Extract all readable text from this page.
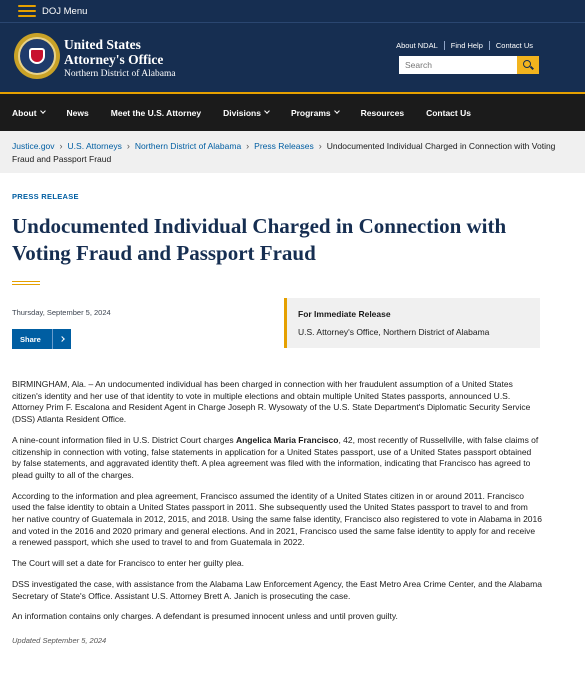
DOJ Menu
United States
Attorney's Office
Northern District of Alabama
About NDAL	Find Help	Contact Us
Search
About	News	Meet the U.S. Attorney	Divisions	Programs	Resources	Contact Us
Justice.gov › U.S. Attorneys › Northern District of Alabama › Press Releases › Undocumented Individual Charged in Connection with Voting Fraud and Passport Fraud
PRESS RELEASE
Undocumented Individual Charged in Connection with Voting Fraud and Passport Fraud
Thursday, September 5, 2024
Share
For Immediate Release
U.S. Attorney's Office, Northern District of Alabama

BIRMINGHAM, Ala. – An undocumented individual has been charged in connection with her fraudulent assumption of a United States citizen's identity and her use of that identity to vote in multiple elections and obtain multiple United States passports, announced U.S. Attorney Prim F. Escalona and Resident Agent in Charge Joseph R. Wysowaty of the U.S. State Department's Diplomatic Security Service (DSS) Atlanta Resident Office.

A nine-count information filed in U.S. District Court charges Angelica Maria Francisco, 42, most recently of Russellville, with false claims of citizenship in connection with voting, false statements in application for a United States passport, use of a United States passport obtained by false statements, and aggravated identity theft. A plea agreement was filed with the information, indicating that Francisco has agreed to plead guilty to all of the charges.

According to the information and plea agreement, Francisco assumed the identity of a United States citizen in or around 2011. Francisco used the false identity to obtain a United States passport in 2011. She subsequently used the United States passport to travel to and from her native country of Guatemala in 2012, 2015, and 2018. Using the same false identity, Francisco also registered to vote in Alabama in 2016 and voted in the 2016 and 2020 primary and general elections. And in 2021, Francisco used the same false identity to apply for and receive a renewed passport, which she used to travel to and from Guatemala in 2022.

The Court will set a date for Francisco to enter her guilty plea.

DSS investigated the case, with assistance from the Alabama Law Enforcement Agency, the East Metro Area Crime Center, and the Alabama Secretary of State's Office. Assistant U.S. Attorney Brett A. Janich is prosecuting the case.

An information contains only charges. A defendant is presumed innocent unless and until proven guilty.

Updated September 5, 2024
